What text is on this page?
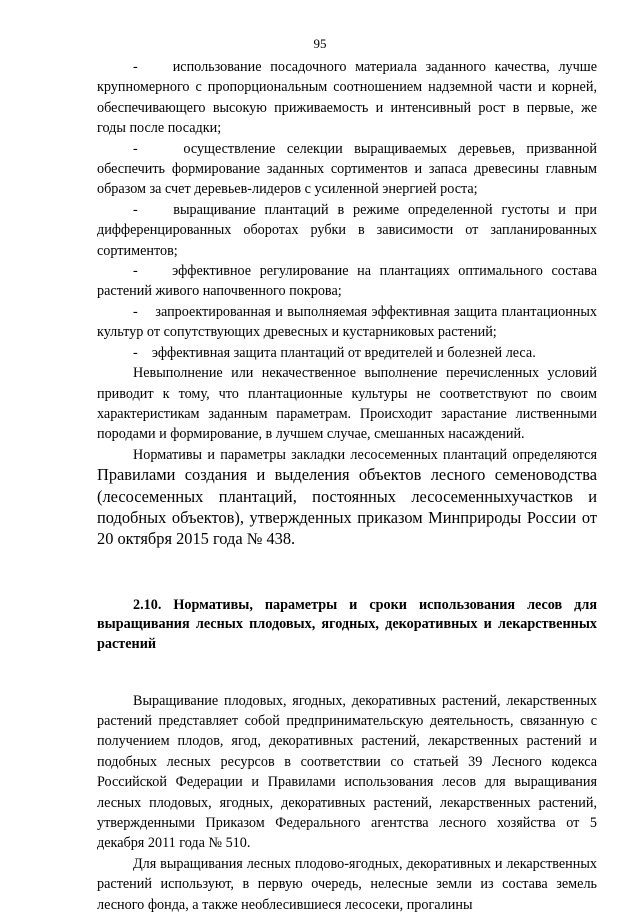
95

-    использование посадочного материала заданного качества, лучше крупномерного с пропорциональным соотношением надземной части и корней, обеспечивающего высокую приживаемость и интенсивный рост в первые, же годы после посадки;

-    осуществление селекции выращиваемых деревьев, призванной обеспечить формирование заданных сортиментов и запаса древесины главным образом за счет деревьев-лидеров с усиленной энергией роста;

-    выращивание плантаций в режиме определенной густоты и при дифференцированных оборотах рубки в зависимости от запланированных сортиментов;

-    эффективное регулирование на плантациях оптимального состава растений живого напочвенного покрова;

-    запроектированная и выполняемая эффективная защита плантационных культур от сопутствующих древесных и кустарниковых растений;

-    эффективная защита плантаций от вредителей и болезней леса.

Невыполнение или некачественное выполнение перечисленных условий приводит к тому, что плантационные культуры не соответствуют по своим характеристикам заданным параметрам. Происходит зарастание лиственными породами и формирование, в лучшем случае, смешанных насаждений.

Нормативы и параметры закладки лесосеменных плантаций определяются Правилами создания и выделения объектов лесного семеноводства (лесосеменных плантаций, постоянных лесосеменныхучастков и подобных объектов), утвержденных приказом Минприроды России от 20 октября 2015 года № 438.

2.10. Нормативы, параметры и сроки использования лесов для выращивания лесных плодовых, ягодных, декоративных и лекарственных растений

Выращивание плодовых, ягодных, декоративных растений, лекарственных растений представляет собой предпринимательскую деятельность, связанную с получением плодов, ягод, декоративных растений, лекарственных растений и подобных лесных ресурсов в соответствии со статьей 39 Лесного кодекса Российской Федерации и Правилами использования лесов для выращивания лесных плодовых, ягодных, декоративных растений, лекарственных растений, утвержденными Приказом Федерального агентства лесного хозяйства от 5 декабря 2011 года № 510.

Для выращивания лесных плодово-ягодных, декоративных и лекарственных растений используют, в первую очередь, нелесные земли из состава земель лесного фонда, а также необлесившиеся лесосеки, прогалины
